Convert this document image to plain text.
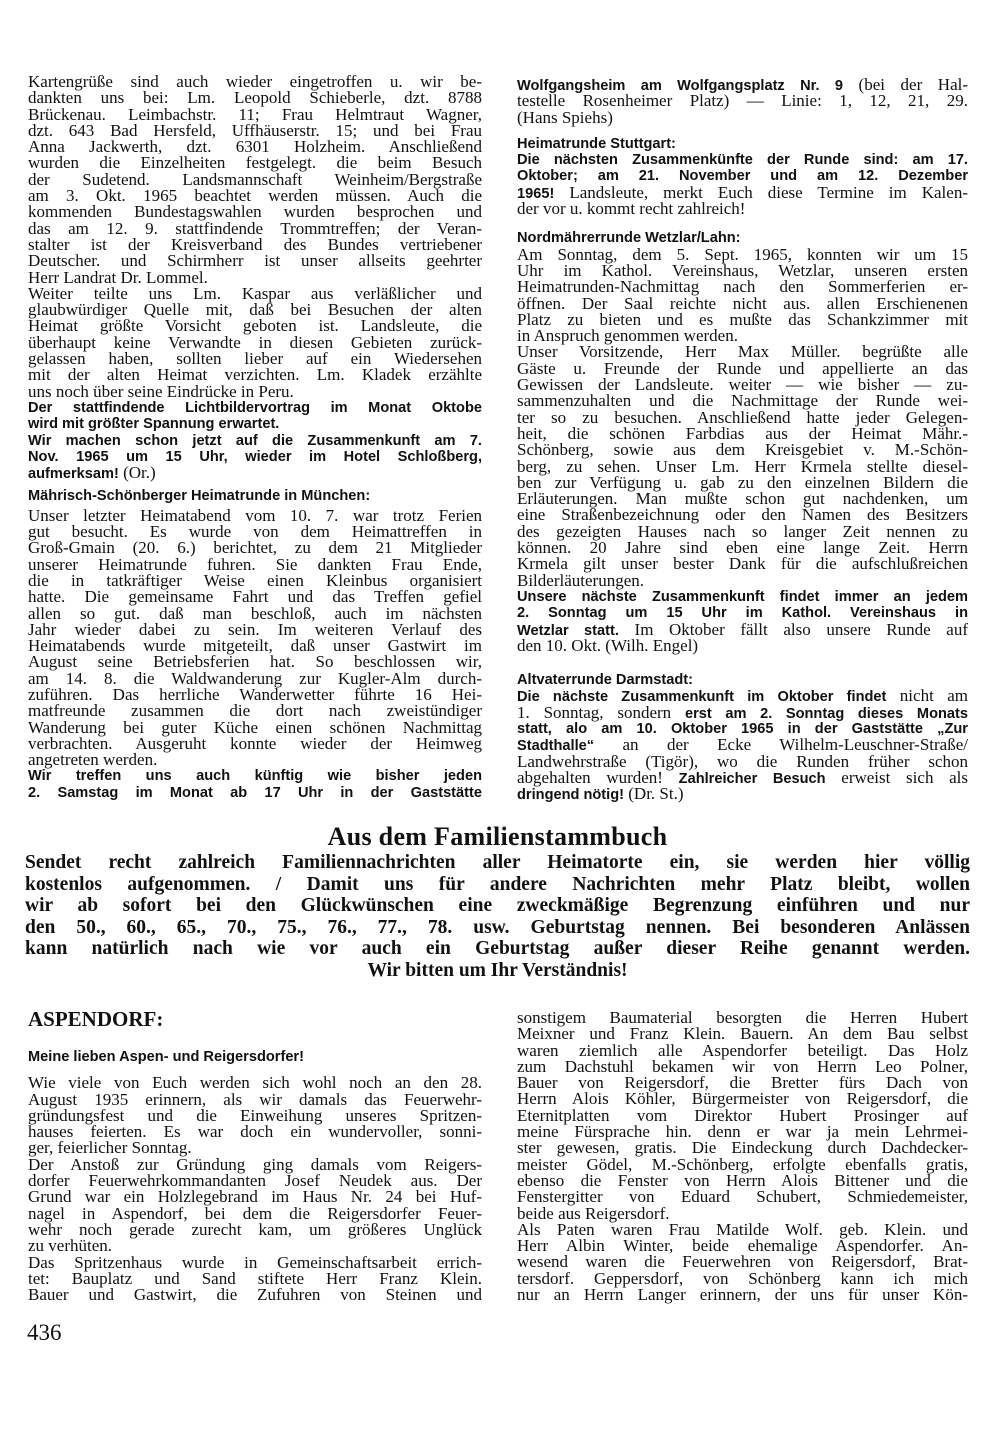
Kartengrüße sind auch wieder eingetroffen u. wir be-
dankten uns bei: Lm. Leopold Schieberle, dzt. 8788
Brückenau. Leimbachstr. 11; Frau Helmtraut Wagner,
dzt. 643 Bad Hersfeld, Uffhäuserstr. 15; und bei Frau
Anna Jackwerth, dzt. 6301 Holzheim. Anschließend
wurden die Einzelheiten festgelegt. die beim Besuch
der Sudetend. Landsmannschaft Weinheim/Bergstraße
am 3. Okt. 1965 beachtet werden müssen. Auch die
kommenden Bundestagswahlen wurden besprochen und
das am 12. 9. stattfindende Trommtreffen; der Veran-
stalter ist der Kreisverband des Bundes vertriebener
Deutscher. und Schirmherr ist unser allseits geehrter
Herr Landrat Dr. Lommel.
Weiter teilte uns Lm. Kaspar aus verläßlicher und
glaubwürdiger Quelle mit, daß bei Besuchen der alten
Heimat größte Vorsicht geboten ist. Landsleute, die
überhaupt keine Verwandte in diesen Gebieten zurück-
gelassen haben, sollten lieber auf ein Wiedersehen
mit der alten Heimat verzichten. Lm. Kladek erzählte
uns noch über seine Eindrücke in Peru.
Der stattfindende Lichtbildervortrag im Monat Oktobe
wird mit größter Spannung erwartet.
Wir machen schon jetzt auf die Zusammenkunft am 7.
Nov. 1965 um 15 Uhr, wieder im Hotel Schloßberg,
aufmerksam! (Or.)
Mährisch-Schönberger Heimatrunde in München:
Unser letzter Heimatabend vom 10. 7. war trotz Ferien
gut besucht. Es wurde von dem Heimattreffen in
Groß-Gmain (20. 6.) berichtet, zu dem 21 Mitglieder
unserer Heimatrunde fuhren. Sie dankten Frau Ende,
die in tatkräftiger Weise einen Kleinbus organisiert
hatte. Die gemeinsame Fahrt und das Treffen gefiel
allen so gut. daß man beschloß, auch im nächsten
Jahr wieder dabei zu sein. Im weiteren Verlauf des
Heimatabends wurde mitgeteilt, daß unser Gastwirt im
August seine Betriebsferien hat. So beschlossen wir,
am 14. 8. die Waldwanderung zur Kugler-Alm durch-
zuführen. Das herrliche Wanderwetter führte 16 Hei-
matfreunde zusammen die dort nach zweistündiger
Wanderung bei guter Küche einen schönen Nachmittag
verbrachten. Ausgeruht konnte wieder der Heimweg
angetreten werden.
Wir treffen uns auch künftig wie bisher jeden
2. Samstag im Monat ab 17 Uhr in der Gaststätte
Wolfgangsheim am Wolfgangsplatz Nr. 9 (bei der Hal-
testelle Rosenheimer Platz) — Linie: 1, 12, 21, 29.
(Hans Spiehs)
Heimatrunde Stuttgart:
Die nächsten Zusammenkünfte der Runde sind: am 17.
Oktober; am 21. November und am 12. Dezember
1965! Landsleute, merkt Euch diese Termine im Kalen-
der vor u. kommt recht zahlreich!
Nordmährerrunde Wetzlar/Lahn:
Am Sonntag, dem 5. Sept. 1965, konnten wir um 15
Uhr im Kathol. Vereinshaus, Wetzlar, unseren ersten
Heimatrunden-Nachmittag nach den Sommerferien er-
öffnen. Der Saal reichte nicht aus. allen Erschienenen
Platz zu bieten und es mußte das Schankzimmer mit
in Anspruch genommen werden.
Unser Vorsitzende, Herr Max Müller. begrüßte alle
Gäste u. Freunde der Runde und appellierte an das
Gewissen der Landsleute. weiter — wie bisher — zu-
sammenzuhalten und die Nachmittage der Runde wei-
ter so zu besuchen. Anschließend hatte jeder Gelegen-
heit, die schönen Farbdias aus der Heimat Mähr.-
Schönberg, sowie aus dem Kreisgebiet v. M.-Schön-
berg, zu sehen. Unser Lm. Herr Krmela stellte diesel-
ben zur Verfügung u. gab zu den einzelnen Bildern die
Erläuterungen. Man mußte schon gut nachdenken, um
eine Straßenbezeichnung oder den Namen des Besitzers
des gezeigten Hauses nach so langer Zeit nennen zu
können. 20 Jahre sind eben eine lange Zeit. Herrn
Krmela gilt unser bester Dank für die aufschlußreichen
Bilderläuterungen.
Unsere nächste Zusammenkunft findet immer an jedem
2. Sonntag um 15 Uhr im Kathol. Vereinshaus in
Wetzlar statt. Im Oktober fällt also unsere Runde auf
den 10. Okt. (Wilh. Engel)
Altvaterrunde Darmstadt:
Die nächste Zusammenkunft im Oktober findet nicht am
1. Sonntag, sondern erst am 2. Sonntag dieses Monats
statt, alo am 10. Oktober 1965 in der Gaststätte „Zur
Stadthalle“ an der Ecke Wilhelm-Leuschner-Straße/
Landwehrstraße (Tigör), wo die Runden früher schon
abgehalten wurden! Zahlreicher Besuch erweist sich als
dringend nötig! (Dr. St.)
Aus dem Familienstammbuch
Sendet recht zahlreich Familiennachrichten aller Heimatorte ein, sie werden hier völlig
kostenlos aufgenommen. / Damit uns für andere Nachrichten mehr Platz bleibt, wollen
wir ab sofort bei den Glückwünschen eine zweckmäßige Begrenzung einführen und nur
den 50., 60., 65., 70., 75., 76., 77., 78. usw. Geburtstag nennen. Bei besonderen Anlässen
kann natürlich nach wie vor auch ein Geburtstag außer dieser Reihe genannt werden.
Wir bitten um Ihr Verständnis!
ASPENDORF:
Meine lieben Aspen- und Reigersdorfer!
Wie viele von Euch werden sich wohl noch an den 28.
August 1935 erinnern, als wir damals das Feuerwehr-
gründungsfest und die Einweihung unseres Spritzen-
hauses feierten. Es war doch ein wundervoller, sonni-
ger, feierlicher Sonntag.
Der Anstoß zur Gründung ging damals vom Reigers-
dorfer Feuerwehrkommandanten Josef Neudek aus. Der
Grund war ein Holzlegebrand im Haus Nr. 24 bei Huf-
nagel in Aspendorf, bei dem die Reigersdorfer Feuer-
wehr noch gerade zurecht kam, um größeres Unglück
zu verhüten.
Das Spritzenhaus wurde in Gemeinschaftsarbeit errich-
tet: Bauplatz und Sand stiftete Herr Franz Klein.
Bauer und Gastwirt, die Zufuhren von Steinen und
sonstigem Baumaterial besorgten die Herren Hubert
Meixner und Franz Klein. Bauern. An dem Bau selbst
waren ziemlich alle Aspendorfer beteiligt. Das Holz
zum Dachstuhl bekamen wir von Herrn Leo Polner,
Bauer von Reigersdorf, die Bretter fürs Dach von
Herrn Alois Köhler, Bürgermeister von Reigersdorf, die
Eternitplatten vom Direktor Hubert Prosinger auf
meine Fürsprache hin. denn er war ja mein Lehrmei-
ster gewesen, gratis. Die Eindeckung durch Dachdecker-
meister Gödel, M.-Schönberg, erfolgte ebenfalls gratis,
ebenso die Fenster von Herrn Alois Bittener und die
Fenstergitter von Eduard Schubert, Schmiedemeister,
beide aus Reigersdorf.
Als Paten waren Frau Matilde Wolf. geb. Klein. und
Herr Albin Winter, beide ehemalige Aspendorfer. An-
wesend waren die Feuerwehren von Reigersdorf, Brat-
tersdorf. Geppersdorf, von Schönberg kann ich mich
nur an Herrn Langer erinnern, der uns für unser Kön-
436
